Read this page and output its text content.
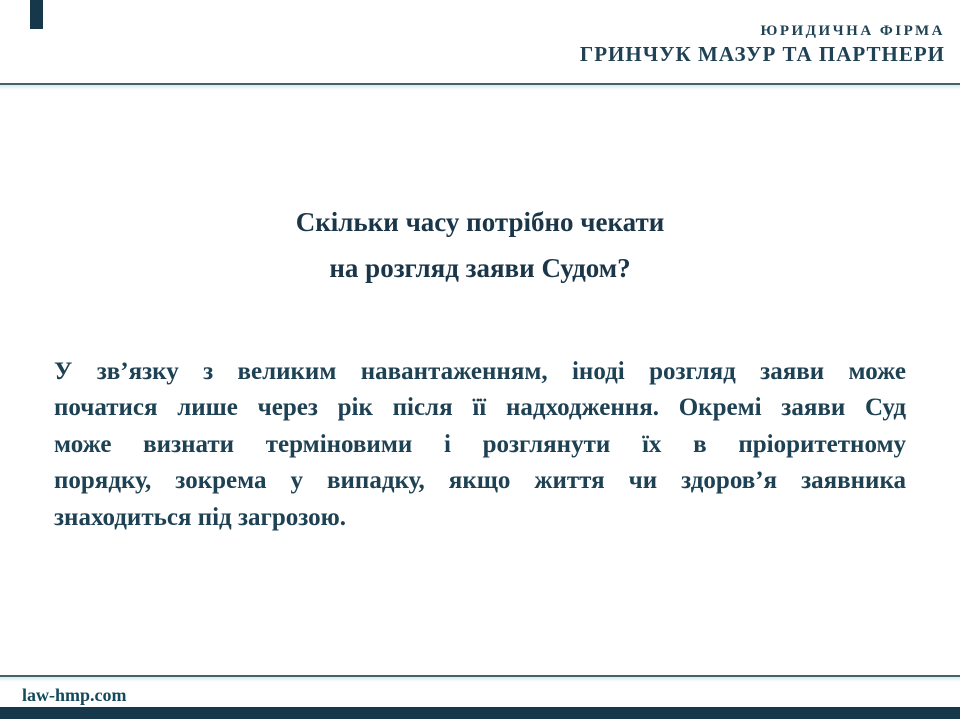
ЮРИДИЧНА ФІРМА
ГРИНЧУК МАЗУР ТА ПАРТНЕРИ
Скільки часу потрібно чекати
на розгляд заяви Судом?
У зв’язку з великим навантаженням, іноді розгляд заяви може
початися лише через рік після її надходження. Окремі заяви Суд
може визнати терміновими і розглянути їх в пріоритетному
порядку, зокрема у випадку, якщо життя чи здоров’я заявника
знаходиться під загрозою.
law-hmp.com
